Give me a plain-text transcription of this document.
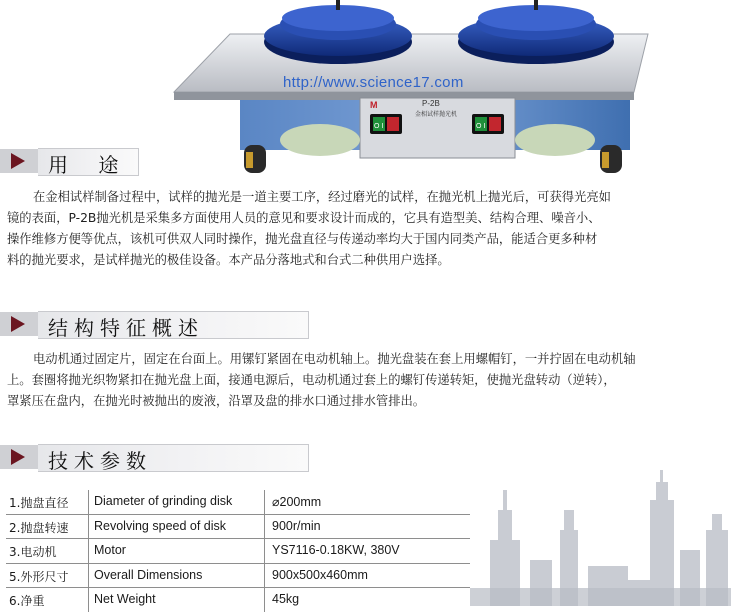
M	P-2B
金相试样抛光机
O I	O I
http://www.science17.com
用 途
在金相试样制备过程中，试样的抛光是一道主要工序，经过磨光的试样，在抛光机上抛光后，可获得光亮如
镜的表面，P-2B抛光机是采集多方面使用人员的意见和要求设计而成的，它具有造型美、结构合理、噪音小、
操作维修方便等优点，该机可供双人同时操作，抛光盘直径与传递动率均大于国内同类产品，能适合更多种材
料的抛光要求，是试样抛光的极佳设备。本产品分落地式和台式二种供用户选择。
结构特征概述
电动机通过固定片，固定在台面上。用镙钉紧固在电动机轴上。抛光盘装在套上用螺帽钉，一并拧固在电动机轴
上。套圈将抛光织物紧扣在抛光盘上面，接通电源后，电动机通过套上的螺钉传递转矩，使抛光盘转动（逆转），
罩紧压在盘内，在抛光时被抛出的废液，沿罩及盘的排水口通过排水管排出。
技术参数
1.抛盘直径 Diameter of grinding disk	⌀200mm
2.抛盘转速 Revolving speed of disk	900r/min
3.电动机	Motor	YS7116-0.18KW, 380V
5.外形尺寸 Overall Dimensions	900x500x460mm
6.净重	Net Weight	45kg
